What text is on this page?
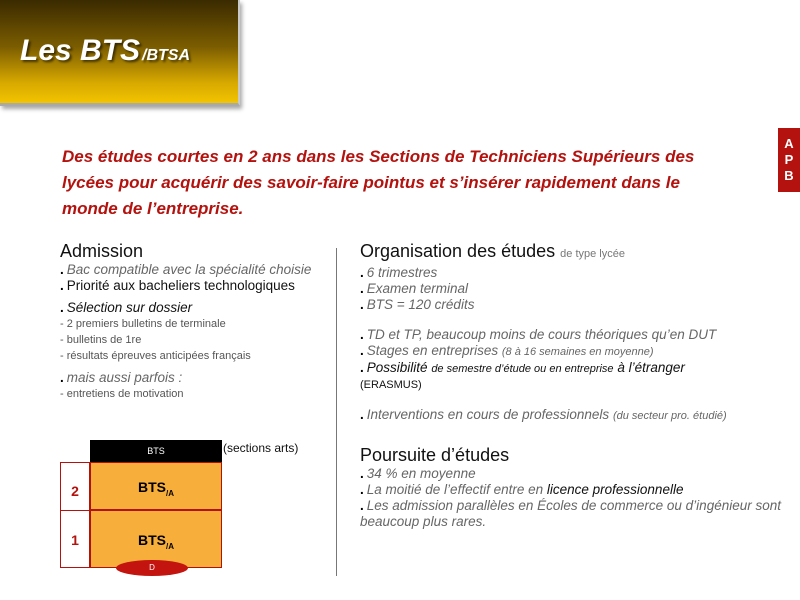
Les BTS /BTSA
A
P
B
Des études courtes en 2 ans dans les Sections de Techniciens Supérieurs des lycées pour acquérir des savoir-faire pointus et s’insérer rapidement dans le monde de l’entreprise.
Admission
. Bac compatible avec la spécialité choisie
. Priorité aux bacheliers technologiques
. Sélection sur dossier
- 2 premiers bulletins de terminale
- bulletins de 1re
- résultats épreuves anticipées français
. mais aussi parfois :
- entretiens de motivation
BTS	(sections arts)
2
1
$BTS_{/A}$
$BTS_{/A}$
D
Organisation des études de type lycée
. 6 trimestres
. Examen terminal
. BTS = 120 crédits
. TD et TP, beaucoup moins de cours théoriques qu’en DUT
. Stages en entreprises (8 à 16 semaines en moyenne)
. Possibilité de semestre d’étude ou en entreprise à l’étranger
(ERASMUS)
. Interventions en cours de professionnels (du secteur pro. étudié)
Poursuite d’études
. 34 % en moyenne
. La moitié de l’effectif entre en licence professionnelle
. Les admission parallèles en Écoles de commerce ou d’ingénieur sont beaucoup plus rares.
